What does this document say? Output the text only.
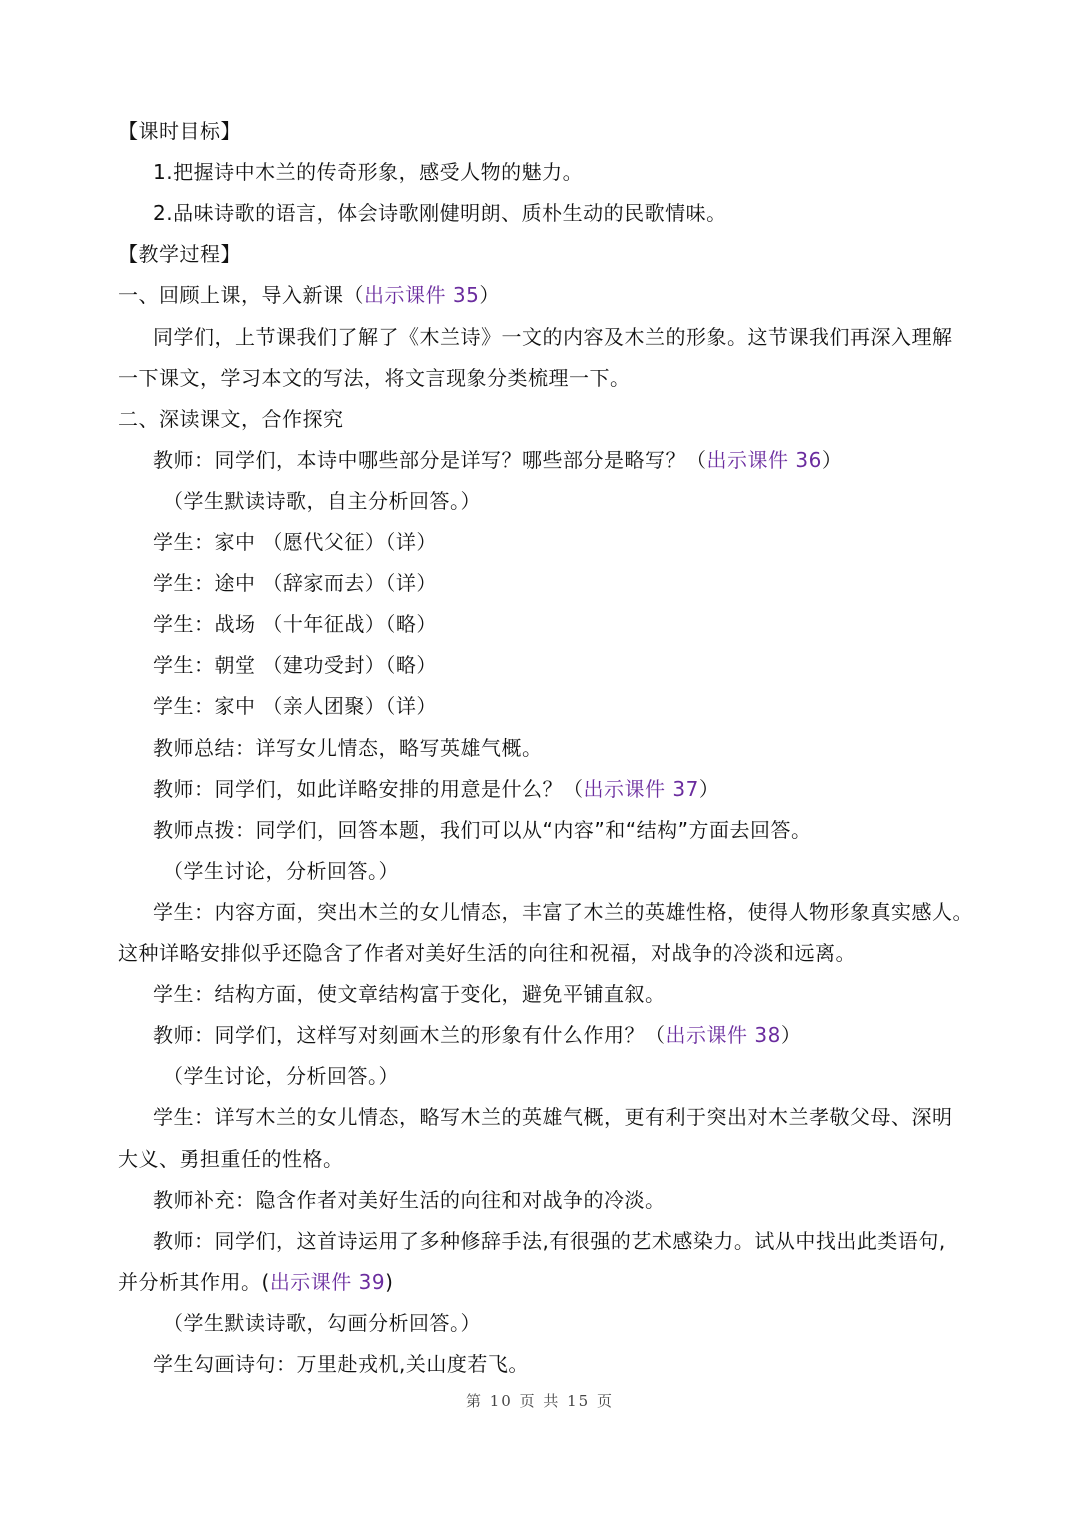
【课时目标】
1.把握诗中木兰的传奇形象，感受人物的魅力。
2.品味诗歌的语言，体会诗歌刚健明朗、质朴生动的民歌情味。
【教学过程】
一、回顾上课，导入新课（出示课件 35）
同学们，上节课我们了解了《木兰诗》一文的内容及木兰的形象。这节课我们再深入理解
一下课文，学习本文的写法，将文言现象分类梳理一下。
二、深读课文，合作探究
教师：同学们，本诗中哪些部分是详写？哪些部分是略写？（出示课件 36）
（学生默读诗歌，自主分析回答。）
学生：家中 （愿代父征）（详）
学生：途中 （辞家而去）（详）
学生：战场 （十年征战）（略）
学生：朝堂 （建功受封）（略）
学生：家中 （亲人团聚）（详）
教师总结：详写女儿情态，略写英雄气概。
教师：同学们，如此详略安排的用意是什么？（出示课件 37）
教师点拨：同学们，回答本题，我们可以从“内容”和“结构”方面去回答。
（学生讨论，分析回答。）
学生：内容方面，突出木兰的女儿情态，丰富了木兰的英雄性格，使得人物形象真实感人。
这种详略安排似乎还隐含了作者对美好生活的向往和祝福，对战争的冷淡和远离。
学生：结构方面，使文章结构富于变化，避免平铺直叙。
教师：同学们，这样写对刻画木兰的形象有什么作用？（出示课件 38）
（学生讨论，分析回答。）
学生：详写木兰的女儿情态，略写木兰的英雄气概，更有利于突出对木兰孝敬父母、深明
大义、勇担重任的性格。
教师补充：隐含作者对美好生活的向往和对战争的冷淡。
教师：同学们，这首诗运用了多种修辞手法,有很强的艺术感染力。试从中找出此类语句,
并分析其作用。(出示课件 39)
（学生默读诗歌，勾画分析回答。）
学生勾画诗句：万里赴戎机,关山度若飞。
第 10 页 共 15 页
